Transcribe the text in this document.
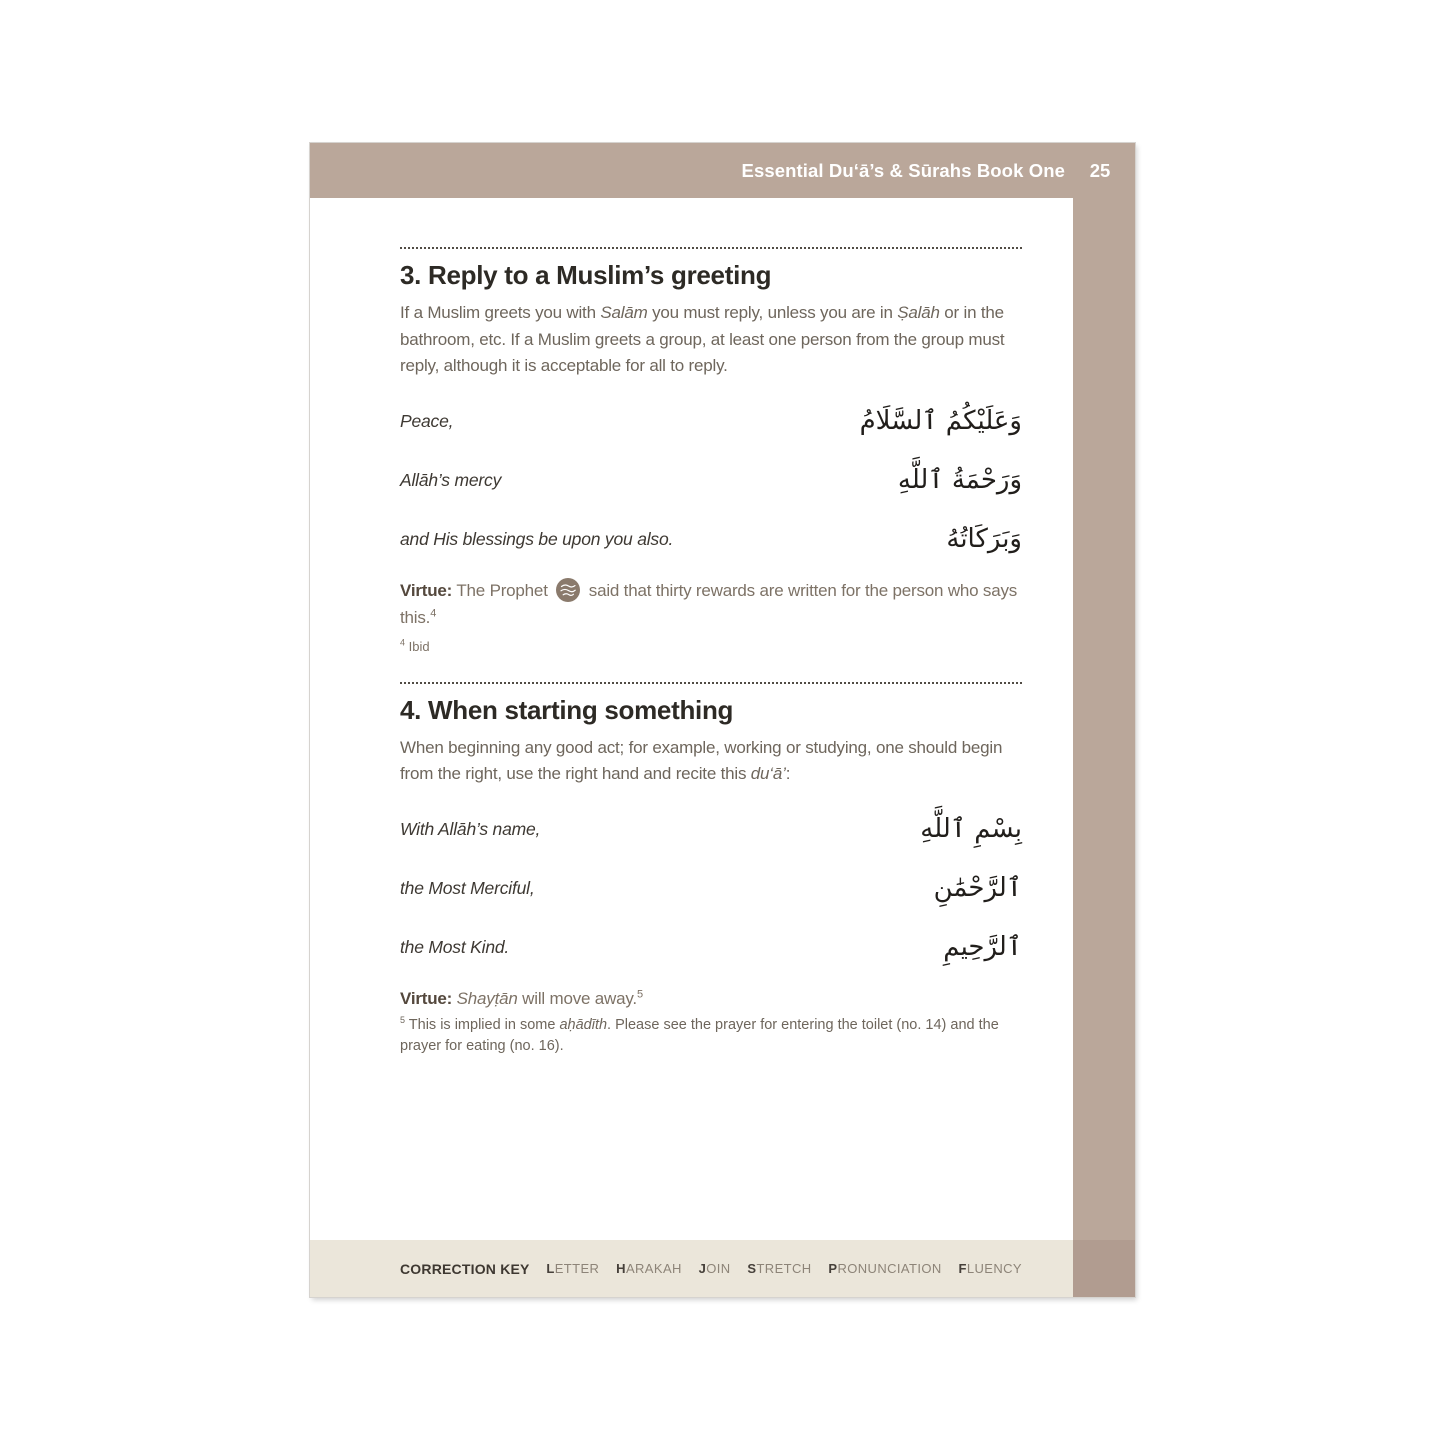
Essential Du‘ā’s & Sūrahs Book One	25
3. Reply to a Muslim’s greeting

If a Muslim greets you with Salām you must reply, unless you are in Ṣalāh or in the bathroom, etc. If a Muslim greets a group, at least one person from the group must reply, although it is acceptable for all to reply.

Peace,	وَعَلَيْكُمُ ٱلسَّلَامُ
Allāh’s mercy	وَرَحْمَةُ ٱللَّهِ
and His blessings be upon you also.	وَبَرَكَاتُهُ

Virtue: The Prophet  said that thirty rewards are written for the person who says this.$^4$

$^4$ Ibid

4. When starting something

When beginning any good act; for example, working or studying, one should begin from the right, use the right hand and recite this du‘ā’:

With Allāh’s name,	بِسْمِ ٱللَّهِ
the Most Merciful,	ٱلرَّحْمَٰنِ
the Most Kind.	ٱلرَّحِيمِ

Virtue: Shayṭān will move away.$^5$

$^5$ This is implied in some aḥādīth. Please see the prayer for entering the toilet (no. 14) and the prayer for eating (no. 16).

CORRECTION KEY LETTER HARAKAH JOIN STRETCH PRONUNCIATION FLUENCY
